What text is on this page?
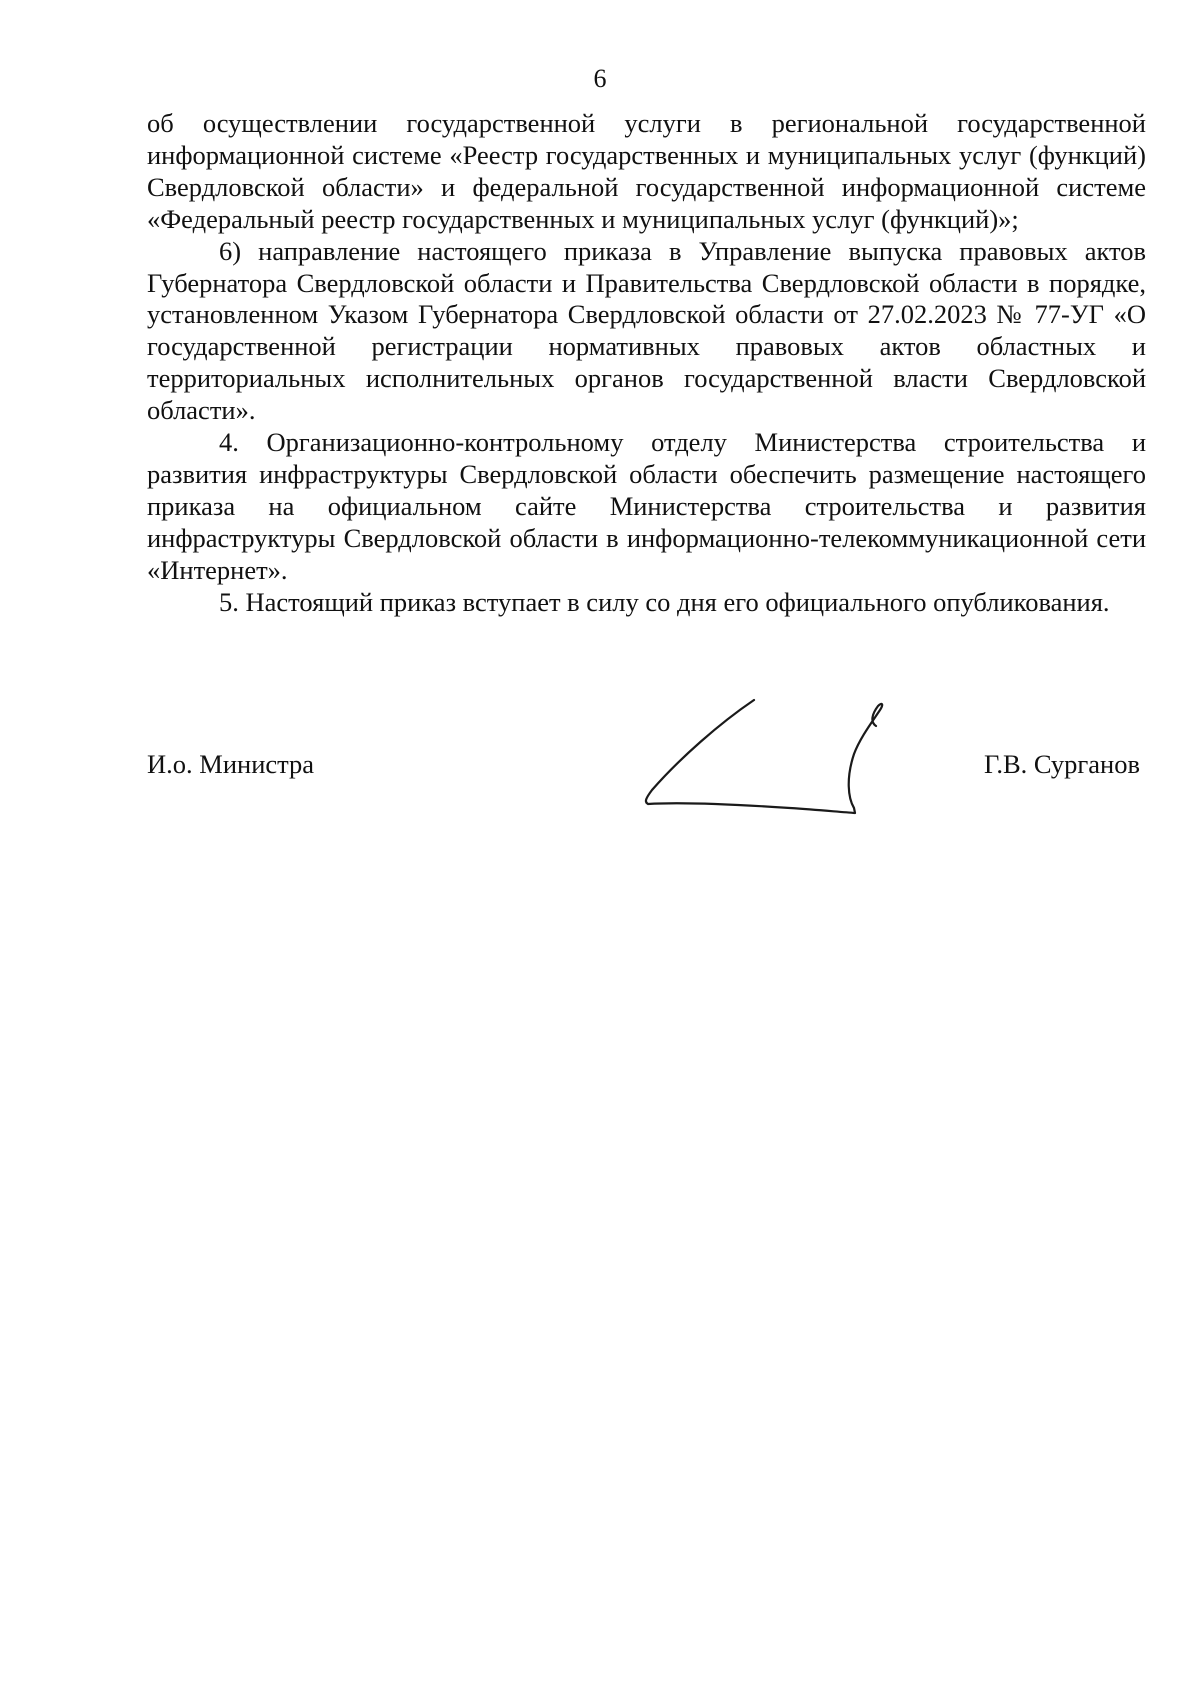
6

об осуществлении государственной услуги в региональной государственной информационной системе «Реестр государственных и муниципальных услуг (функций) Свердловской области» и федеральной государственной информационной системе «Федеральный реестр государственных и муниципальных услуг (функций)»;

6) направление настоящего приказа в Управление выпуска правовых актов Губернатора Свердловской области и Правительства Свердловской области в порядке, установленном Указом Губернатора Свердловской области от 27.02.2023 № 77-УГ «О государственной регистрации нормативных правовых актов областных и территориальных исполнительных органов государственной власти Свердловской области».

4. Организационно-контрольному отделу Министерства строительства и развития инфраструктуры Свердловской области обеспечить размещение настоящего приказа на официальном сайте Министерства строительства и развития инфраструктуры Свердловской области в информационно-телекоммуникационной сети «Интернет».

5. Настоящий приказ вступает в силу со дня его официального опубликования.

И.о. Министра	Г.В. Сурганов
